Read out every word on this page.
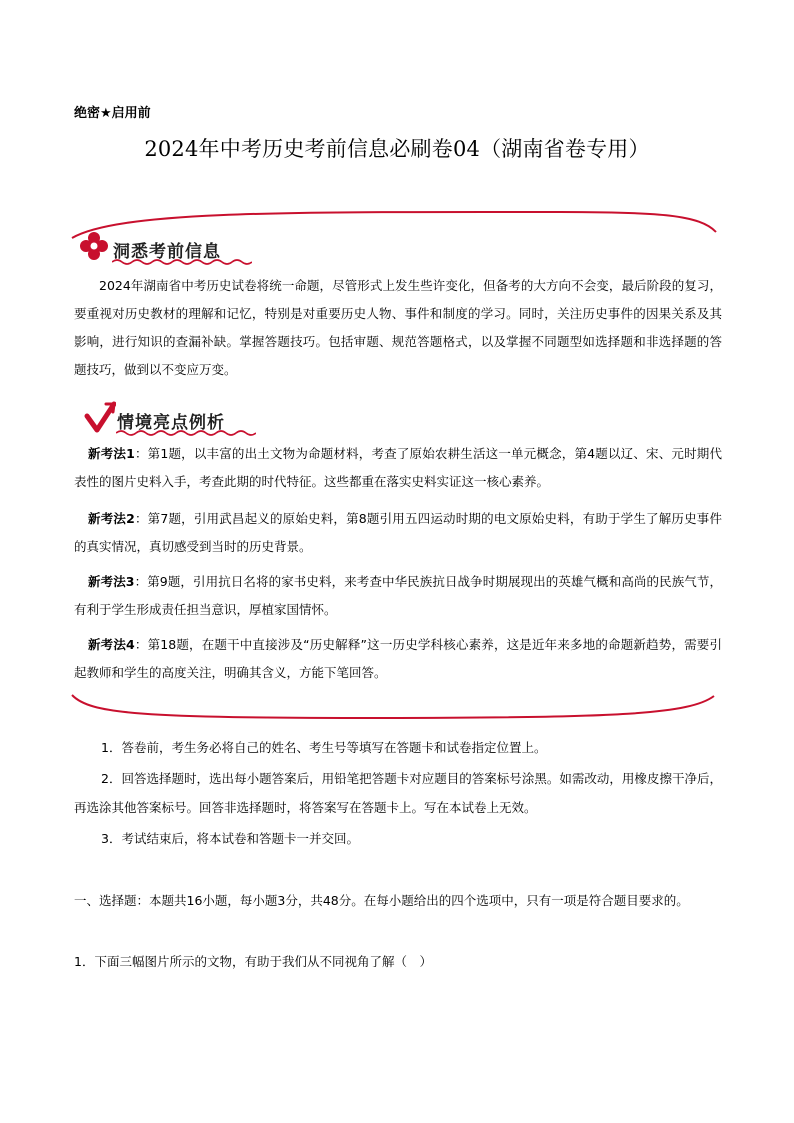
绝密★启用前
2024年中考历史考前信息必刷卷04（湖南省卷专用）
洞悉考前信息
2024年湖南省中考历史试卷将统一命题，尽管形式上发生些许变化，但备考的大方向不会变，最后阶段的复习，要重视对历史教材的理解和记忆，特别是对重要历史人物、事件和制度的学习。同时，关注历史事件的因果关系及其影响，进行知识的查漏补缺。掌握答题技巧。包括审题、规范答题格式，以及掌握不同题型如选择题和非选择题的答题技巧，做到以不变应万变。
情境亮点例析
新考法1：第1题，以丰富的出土文物为命题材料，考查了原始农耕生活这一单元概念，第4题以辽、宋、元时期代表性的图片史料入手，考查此期的时代特征。这些都重在落实史料实证这一核心素养。
新考法2：第7题，引用武昌起义的原始史料，第8题引用五四运动时期的电文原始史料，有助于学生了解历史事件的真实情况，真切感受到当时的历史背景。
新考法3：第9题，引用抗日名将的家书史料，来考查中华民族抗日战争时期展现出的英雄气概和高尚的民族气节，有利于学生形成责任担当意识，厚植家国情怀。
新考法4：第18题，在题干中直接涉及“历史解释”这一历史学科核心素养，这是近年来多地的命题新趋势，需要引起教师和学生的高度关注，明确其含义，方能下笔回答。

1．答卷前，考生务必将自己的姓名、考生号等填写在答题卡和试卷指定位置上。

2．回答选择题时，选出每小题答案后，用铅笔把答题卡对应题目的答案标号涂黑。如需改动，用橡皮擦干净后，再选涂其他答案标号。回答非选择题时，将答案写在答题卡上。写在本试卷上无效。

3．考试结束后，将本试卷和答题卡一并交回。

一、选择题：本题共16小题，每小题3分，共48分。在每小题给出的四个选项中，只有一项是符合题目要求的。
1．下面三幅图片所示的文物，有助于我们从不同视角了解（　）
